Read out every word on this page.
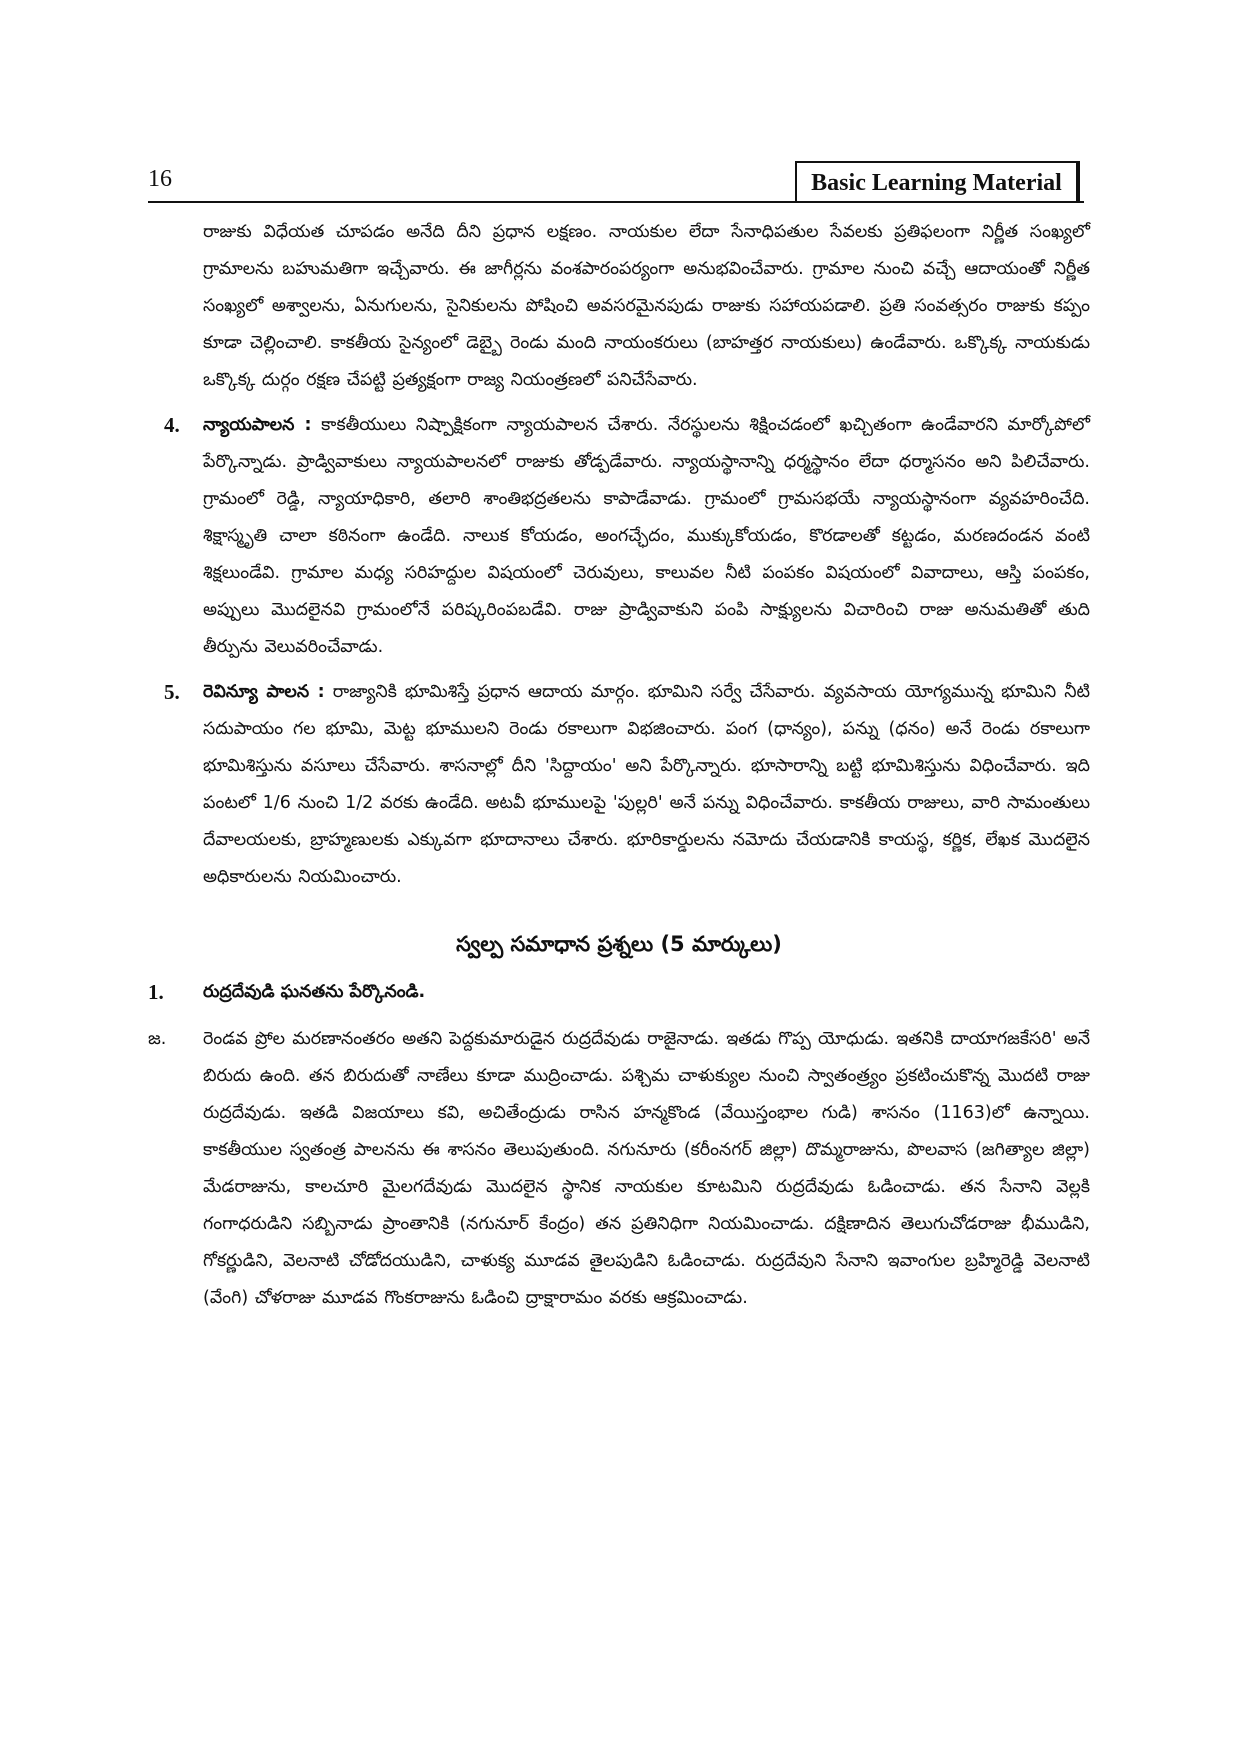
16	Basic Learning Material

రాజుకు విధేయత చూపడం అనేది దీని ప్రధాన లక్షణం. నాయకుల లేదా సేనాధిపతుల సేవలకు ప్రతిఫలంగా నిర్ణీత సంఖ్యలో గ్రామాలను బహుమతిగా ఇచ్చేవారు. ఈ జాగీర్లను వంశపారంపర్యంగా అనుభవించేవారు. గ్రామాల నుంచి వచ్చే ఆదాయంతో నిర్ణీత సంఖ్యలో అశ్వాలను, ఏనుగులను, సైనికులను పోషించి అవసరమైనపుడు రాజుకు సహాయపడాలి. ప్రతి సంవత్సరం రాజుకు కప్పం కూడా చెల్లించాలి. కాకతీయ సైన్యంలో డెబ్బై రెండు మంది నాయంకరులు (బాహత్తర నాయకులు) ఉండేవారు. ఒక్కొక్క నాయకుడు ఒక్కొక్క దుర్గం రక్షణ చేపట్టి ప్రత్యక్షంగా రాజ్య నియంత్రణలో పనిచేసేవారు.

4. న్యాయపాలన : కాకతీయులు నిష్పాక్షికంగా న్యాయపాలన చేశారు. నేరస్థులను శిక్షించడంలో ఖచ్చితంగా ఉండేవారని మార్కోపోలో పేర్కొన్నాడు. ప్రాడ్వివాకులు న్యాయపాలనలో రాజుకు తోడ్పడేవారు. న్యాయస్థానాన్ని ధర్మస్థానం లేదా ధర్మాసనం అని పిలిచేవారు. గ్రామంలో రెడ్డి, న్యాయాధికారి, తలారి శాంతిభద్రతలను కాపాడేవాడు. గ్రామంలో గ్రామసభయే న్యాయస్థానంగా వ్యవహరించేది. శిక్షాస్మృతి చాలా కఠినంగా ఉండేది. నాలుక కోయడం, అంగచ్ఛేదం, ముక్కుకోయడం, కొరడాలతో కట్టడం, మరణదండన వంటి శిక్షలుండేవి. గ్రామాల మధ్య సరిహద్దుల విషయంలో చెరువులు, కాలువల నీటి పంపకం విషయంలో వివాదాలు, ఆస్తి పంపకం, అప్పులు మొదలైనవి గ్రామంలోనే పరిష్కరింపబడేవి. రాజు ప్రాడ్వివాకుని పంపి సాక్ష్యులను విచారించి రాజు అనుమతితో తుది తీర్పును వెలువరించేవాడు.

5. రెవిన్యూ పాలన : రాజ్యానికి భూమిశిస్తే ప్రధాన ఆదాయ మార్గం. భూమిని సర్వే చేసేవారు. వ్యవసాయ యోగ్యమున్న భూమిని నీటి సదుపాయం గల భూమి, మెట్ట భూములని రెండు రకాలుగా విభజించారు. పంగ (ధాన్యం), పన్ను (ధనం) అనే రెండు రకాలుగా భూమిశిస్తును వసూలు చేసేవారు. శాసనాల్లో దీని 'సిద్దాయం' అని పేర్కొన్నారు. భూసారాన్ని బట్టి భూమిశిస్తును విధించేవారు. ఇది పంటలో 1/6 నుంచి 1/2 వరకు ఉండేది. అటవీ భూములపై 'పుల్లరి' అనే పన్ను విధించేవారు. కాకతీయ రాజులు, వారి సామంతులు దేవాలయలకు, బ్రాహ్మణులకు ఎక్కువగా భూదానాలు చేశారు. భూరికార్డులను నమోదు చేయడానికి కాయస్థ, కర్ణిక, లేఖక మొదలైన అధికారులను నియమించారు.

స్వల్ప సమాధాన ప్రశ్నలు (5 మార్కులు)
1. రుద్రదేవుడి ఘనతను పేర్కొనండి.
జ. రెండవ ప్రోల మరణానంతరం అతని పెద్దకుమారుడైన రుద్రదేవుడు రాజైనాడు. ఇతడు గొప్ప యోధుడు. ఇతనికి దాయాగజకేసరి' అనే బిరుదు ఉంది. తన బిరుదుతో నాణేలు కూడా ముద్రించాడు. పశ్చిమ చాళుక్యుల నుంచి స్వాతంత్ర్యం ప్రకటించుకొన్న మొదటి రాజు రుద్రదేవుడు. ఇతడి విజయాలు కవి, అచితేంద్రుడు రాసిన హన్మకొండ (వేయిస్తంభాల గుడి) శాసనం (1163)లో ఉన్నాయి. కాకతీయుల స్వతంత్ర పాలనను ఈ శాసనం తెలుపుతుంది. నగునూరు (కరీంనగర్ జిల్లా) దొమ్మరాజును, పొలవాస (జగిత్యాల జిల్లా) మేడరాజును, కాలచూరి మైలగదేవుడు మొదలైన స్థానిక నాయకుల కూటమిని రుద్రదేవుడు ఓడించాడు. తన సేనాని వెల్లకి గంగాధరుడిని సబ్బినాడు ప్రాంతానికి (నగునూర్ కేంద్రం) తన ప్రతినిధిగా నియమించాడు. దక్షిణాదిన తెలుగుచోడరాజు భీముడిని, గోకర్ణుడిని, వెలనాటి చోడోదయుడిని, చాళుక్య మూడవ తైలపుడిని ఓడించాడు. రుద్రదేవుని సేనాని ఇవాంగుల బ్రహ్మిరెడ్డి వెలనాటి (వేంగి) చోళరాజు మూడవ గొంకరాజును ఓడించి ద్రాక్షారామం వరకు ఆక్రమించాడు.
